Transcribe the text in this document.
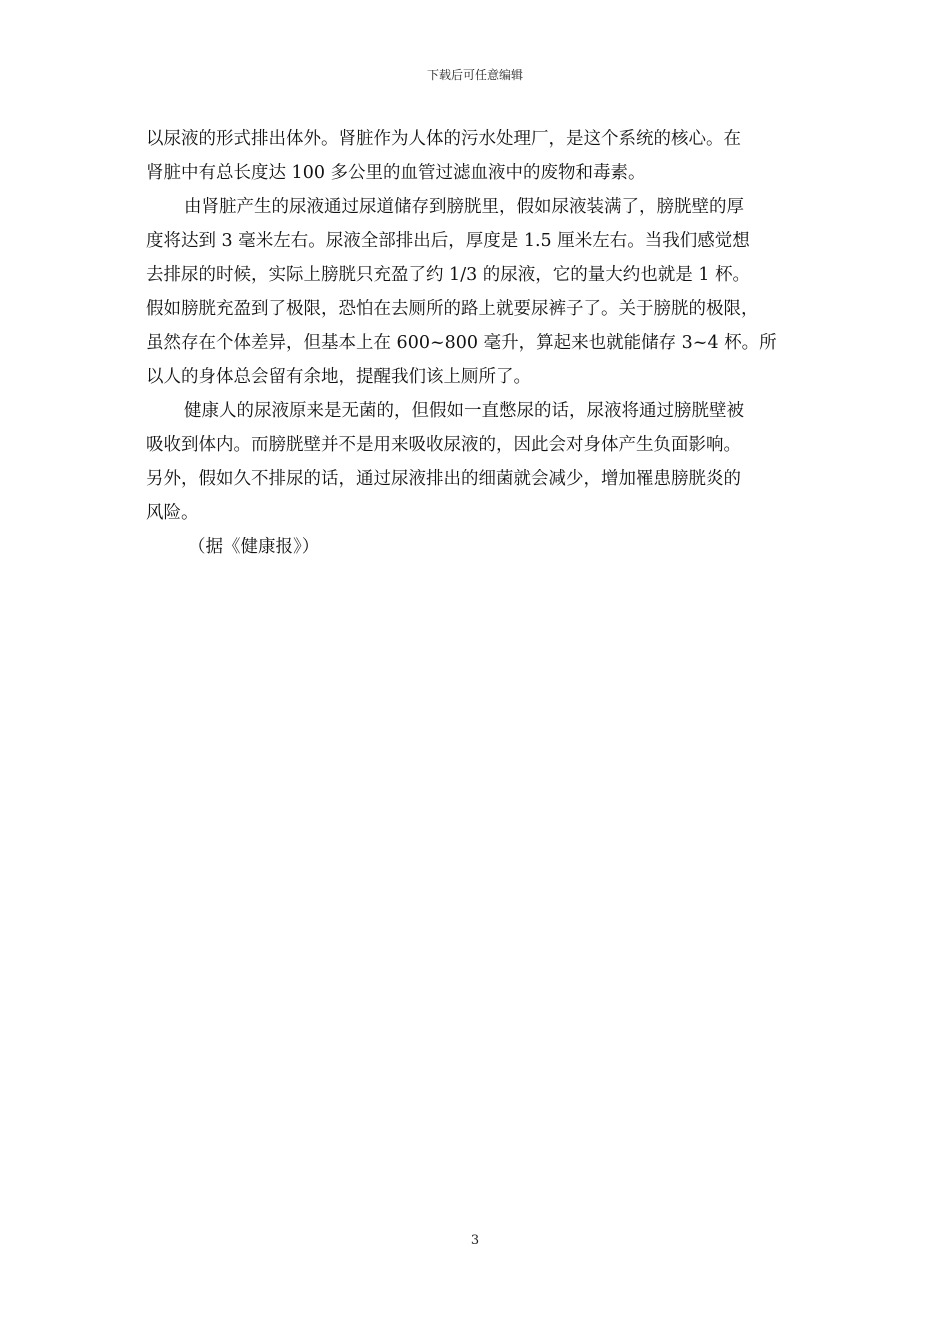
下载后可任意编辑
以尿液的形式排出体外。肾脏作为人体的污水处理厂，是这个系统的核心。在
肾脏中有总长度达 100 多公里的血管过滤血液中的废物和毒素。
由肾脏产生的尿液通过尿道储存到膀胱里，假如尿液装满了，膀胱壁的厚
度将达到 3 毫米左右。尿液全部排出后，厚度是 1.5 厘米左右。当我们感觉想
去排尿的时候，实际上膀胱只充盈了约 1/3 的尿液，它的量大约也就是 1 杯。
假如膀胱充盈到了极限，恐怕在去厕所的路上就要尿裤子了。关于膀胱的极限，
虽然存在个体差异，但基本上在 600~800 毫升，算起来也就能储存 3~4 杯。所
以人的身体总会留有余地，提醒我们该上厕所了。
健康人的尿液原来是无菌的，但假如一直憋尿的话，尿液将通过膀胱壁被
吸收到体内。而膀胱壁并不是用来吸收尿液的，因此会对身体产生负面影响。
另外，假如久不排尿的话，通过尿液排出的细菌就会减少，增加罹患膀胱炎的
风险。
（据《健康报》）
3
